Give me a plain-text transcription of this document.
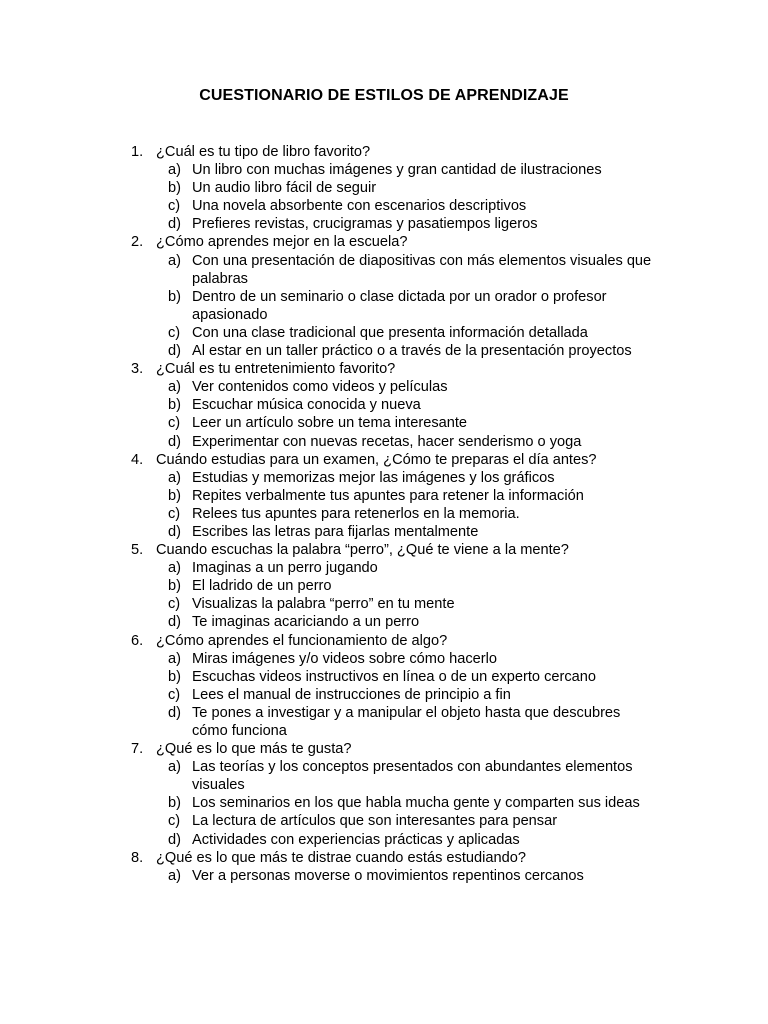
CUESTIONARIO DE ESTILOS DE APRENDIZAJE
1. ¿Cuál es tu tipo de libro favorito?
a) Un libro con muchas imágenes y gran cantidad de ilustraciones
b) Un audio libro fácil de seguir
c) Una novela absorbente con escenarios descriptivos
d) Prefieres revistas, crucigramas y pasatiempos ligeros
2. ¿Cómo aprendes mejor en la escuela?
a) Con una presentación de diapositivas con más elementos visuales que palabras
b) Dentro de un seminario o clase dictada por un orador o profesor apasionado
c) Con una clase tradicional que presenta información detallada
d) Al estar en un taller práctico o a través de la presentación proyectos
3. ¿Cuál es tu entretenimiento favorito?
a) Ver contenidos como videos y películas
b) Escuchar música conocida y nueva
c) Leer un artículo sobre un tema interesante
d) Experimentar con nuevas recetas, hacer senderismo o yoga
4. Cuándo estudias para un examen, ¿Cómo te preparas el día antes?
a) Estudias y memorizas mejor las imágenes y los gráficos
b) Repites verbalmente tus apuntes para retener la información
c) Relees tus apuntes para retenerlos en la memoria.
d) Escribes las letras para fijarlas mentalmente
5. Cuando escuchas la palabra “perro”, ¿Qué te viene a la mente?
a) Imaginas a un perro jugando
b) El ladrido de un perro
c) Visualizas la palabra “perro” en tu mente
d) Te imaginas acariciando a un perro
6. ¿Cómo aprendes el funcionamiento de algo?
a) Miras imágenes y/o videos sobre cómo hacerlo
b) Escuchas videos instructivos en línea o de un experto cercano
c) Lees el manual de instrucciones de principio a fin
d) Te pones a investigar y a manipular el objeto hasta que descubres cómo funciona
7. ¿Qué es lo que más te gusta?
a) Las teorías y los conceptos presentados con abundantes elementos visuales
b) Los seminarios en los que habla mucha gente y comparten sus ideas
c) La lectura de artículos que son interesantes para pensar
d) Actividades con experiencias prácticas y aplicadas
8. ¿Qué es lo que más te distrae cuando estás estudiando?
a) Ver a personas moverse o movimientos repentinos cercanos
